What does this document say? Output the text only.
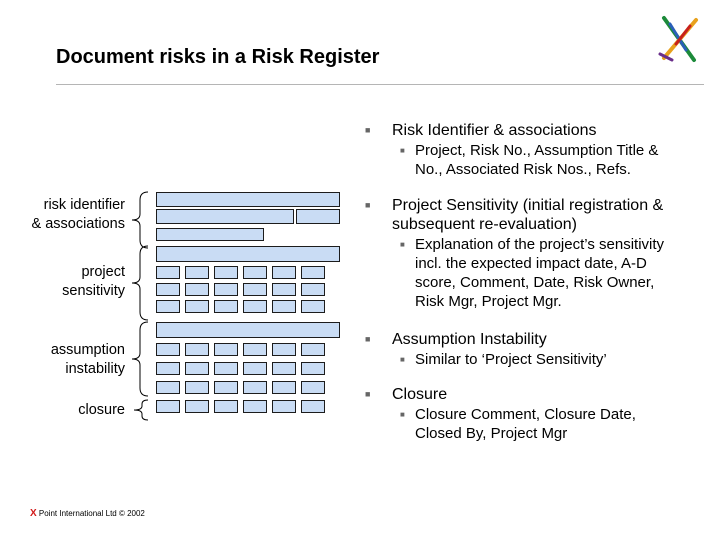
Document risks in a Risk Register
risk identifier
& associations
project
sensitivity
assumption
instability
closure
■ Risk Identifier & associations
■ Project, Risk No., Assumption Title &
No., Associated Risk Nos., Refs.
■ Project Sensitivity (initial registration &
subsequent re-evaluation)
■ Explanation of the project’s sensitivity
incl. the expected impact date, A-D
score, Comment, Date, Risk Owner,
Risk Mgr, Project Mgr.
■ Assumption Instability
■ Similar to ‘Project Sensitivity’
■ Closure
■ Closure Comment, Closure Date,
Closed By, Project Mgr
X Point International Ltd © 2002
